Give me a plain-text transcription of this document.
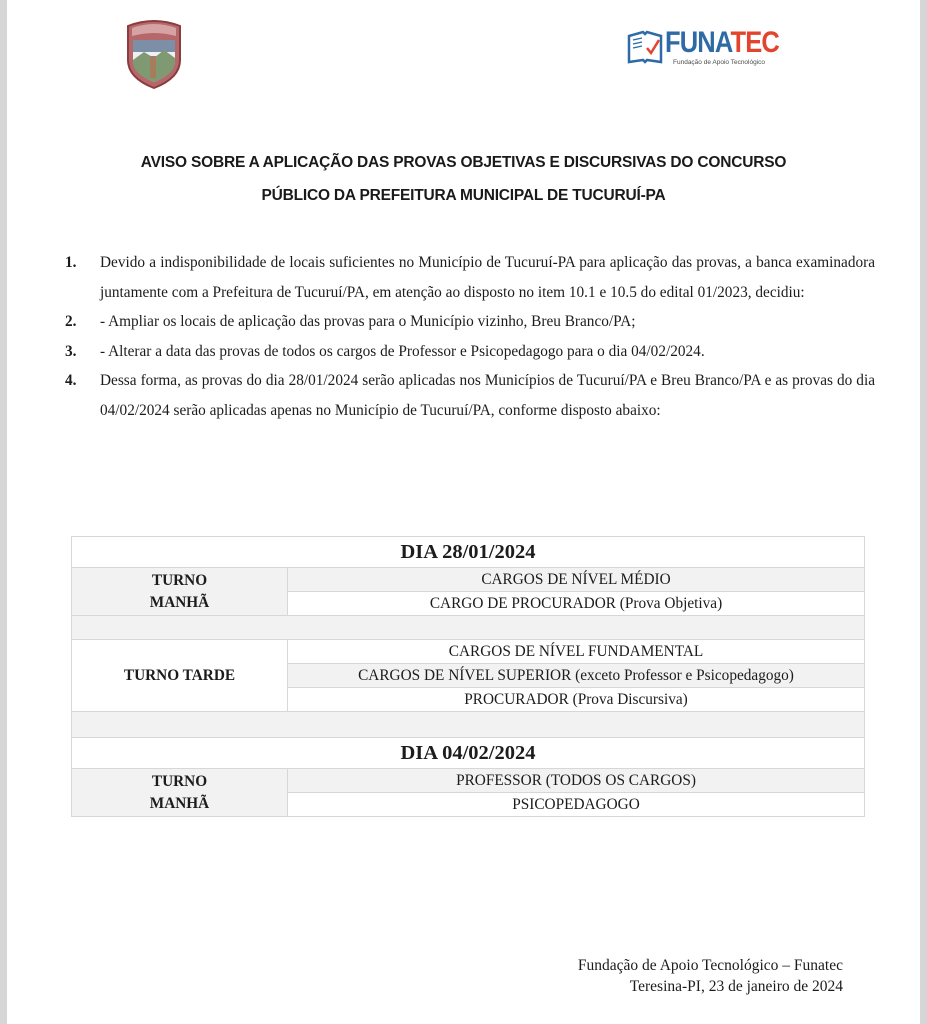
FUNATEC
Fundação de Apoio Tecnológico
AVISO SOBRE A APLICAÇÃO DAS PROVAS OBJETIVAS E DISCURSIVAS DO CONCURSO
PÚBLICO DA PREFEITURA MUNICIPAL DE TUCURUÍ-PA
1. Devido a indisponibilidade de locais suficientes no Município de Tucuruí-PA para aplicação das provas, a banca examinadora juntamente com a Prefeitura de Tucuruí/PA, em atenção ao disposto no item 10.1 e 10.5 do edital 01/2023, decidiu:
2. - Ampliar os locais de aplicação das provas para o Município vizinho, Breu Branco/PA;
3. - Alterar a data das provas de todos os cargos de Professor e Psicopedagogo para o dia 04/02/2024.
4. Dessa forma, as provas do dia 28/01/2024 serão aplicadas nos Municípios de Tucuruí/PA e Breu Branco/PA e as provas do dia 04/02/2024 serão aplicadas apenas no Município de Tucuruí/PA, conforme disposto abaixo:
DIA 28/01/2024	

TURNO
MANHÃ	CARGOS DE NÍVEL MÉDIO
	CARGO DE PROCURADOR (Prova Objetiva)

TURNO TARDE	CARGOS DE NÍVEL FUNDAMENTAL
	CARGOS DE NÍVEL SUPERIOR (exceto Professor e Psicopedagogo)
	PROCURADOR (Prova Discursiva)

DIA 04/02/2024	

TURNO
MANHÃ	PROFESSOR (TODOS OS CARGOS)
	PSICOPEDAGOGO
Fundação de Apoio Tecnológico – Funatec
Teresina-PI, 23 de janeiro de 2024
